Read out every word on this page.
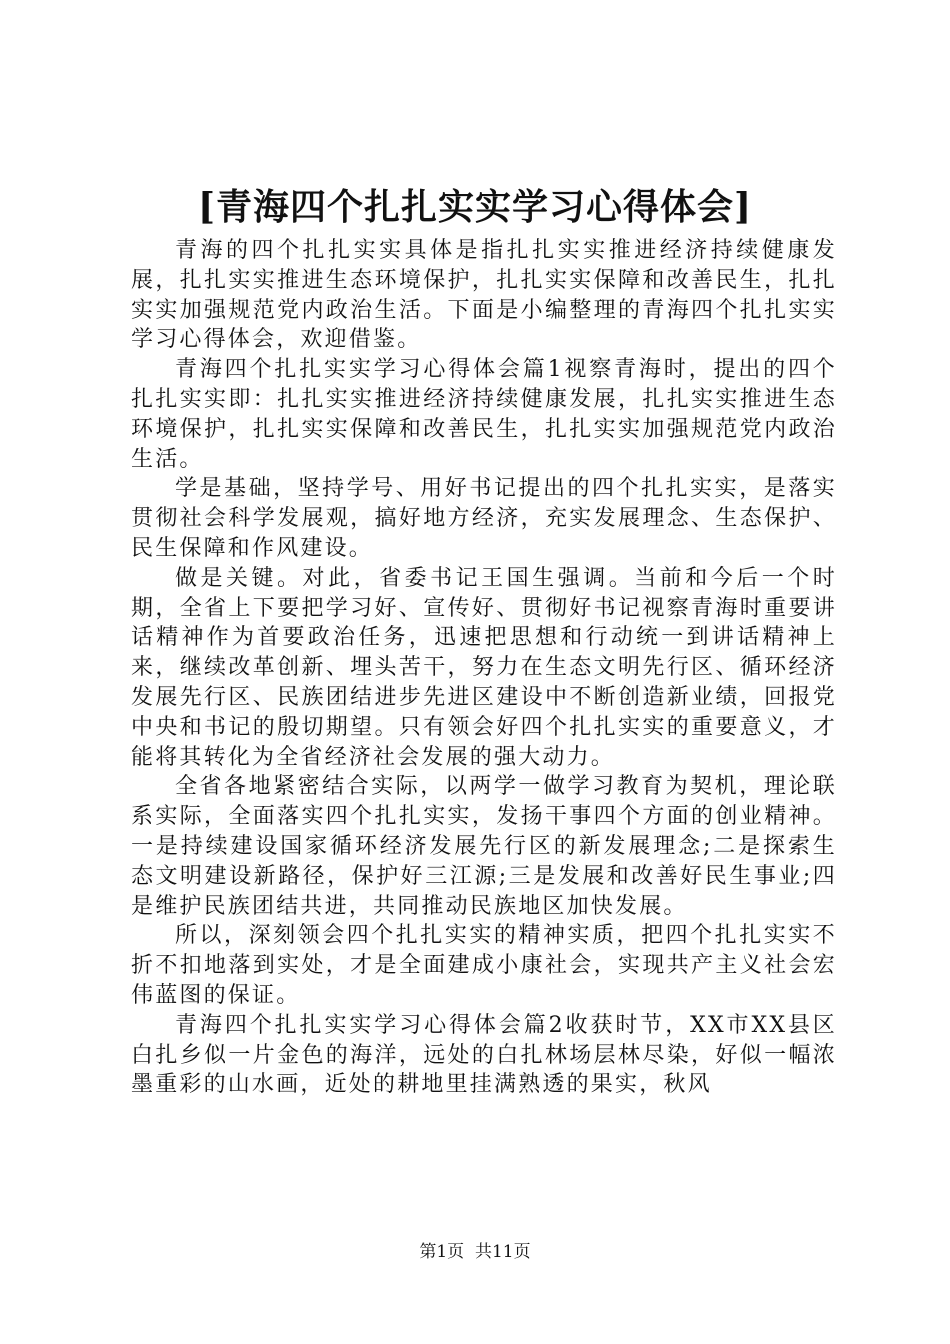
[青海四个扎扎实实学习心得体会]

青海的四个扎扎实实具体是指扎扎实实推进经济持续健康发展，扎扎实实推进生态环境保护，扎扎实实保障和改善民生，扎扎实实加强规范党内政治生活。下面是小编整理的青海四个扎扎实实学习心得体会，欢迎借鉴。

青海四个扎扎实实学习心得体会篇1视察青海时，提出的四个扎扎实实即：扎扎实实推进经济持续健康发展，扎扎实实推进生态环境保护，扎扎实实保障和改善民生，扎扎实实加强规范党内政治生活。

学是基础，坚持学号、用好书记提出的四个扎扎实实，是落实贯彻社会科学发展观，搞好地方经济，充实发展理念、生态保护、民生保障和作风建设。

做是关键。对此，省委书记王国生强调。当前和今后一个时期，全省上下要把学习好、宣传好、贯彻好书记视察青海时重要讲话精神作为首要政治任务，迅速把思想和行动统一到讲话精神上来，继续改革创新、埋头苦干，努力在生态文明先行区、循环经济发展先行区、民族团结进步先进区建设中不断创造新业绩，回报党中央和书记的殷切期望。只有领会好四个扎扎实实的重要意义，才能将其转化为全省经济社会发展的强大动力。

全省各地紧密结合实际，以两学一做学习教育为契机，理论联系实际，全面落实四个扎扎实实，发扬干事四个方面的创业精神。一是持续建设国家循环经济发展先行区的新发展理念;二是探索生态文明建设新路径，保护好三江源;三是发展和改善好民生事业;四是维护民族团结共进，共同推动民族地区加快发展。

所以，深刻领会四个扎扎实实的精神实质，把四个扎扎实实不折不扣地落到实处，才是全面建成小康社会，实现共产主义社会宏伟蓝图的保证。

青海四个扎扎实实学习心得体会篇2收获时节，XX市XX县区白扎乡似一片金色的海洋，远处的白扎林场层林尽染，好似一幅浓墨重彩的山水画，近处的耕地里挂满熟透的果实，秋风

第1页  共11页
